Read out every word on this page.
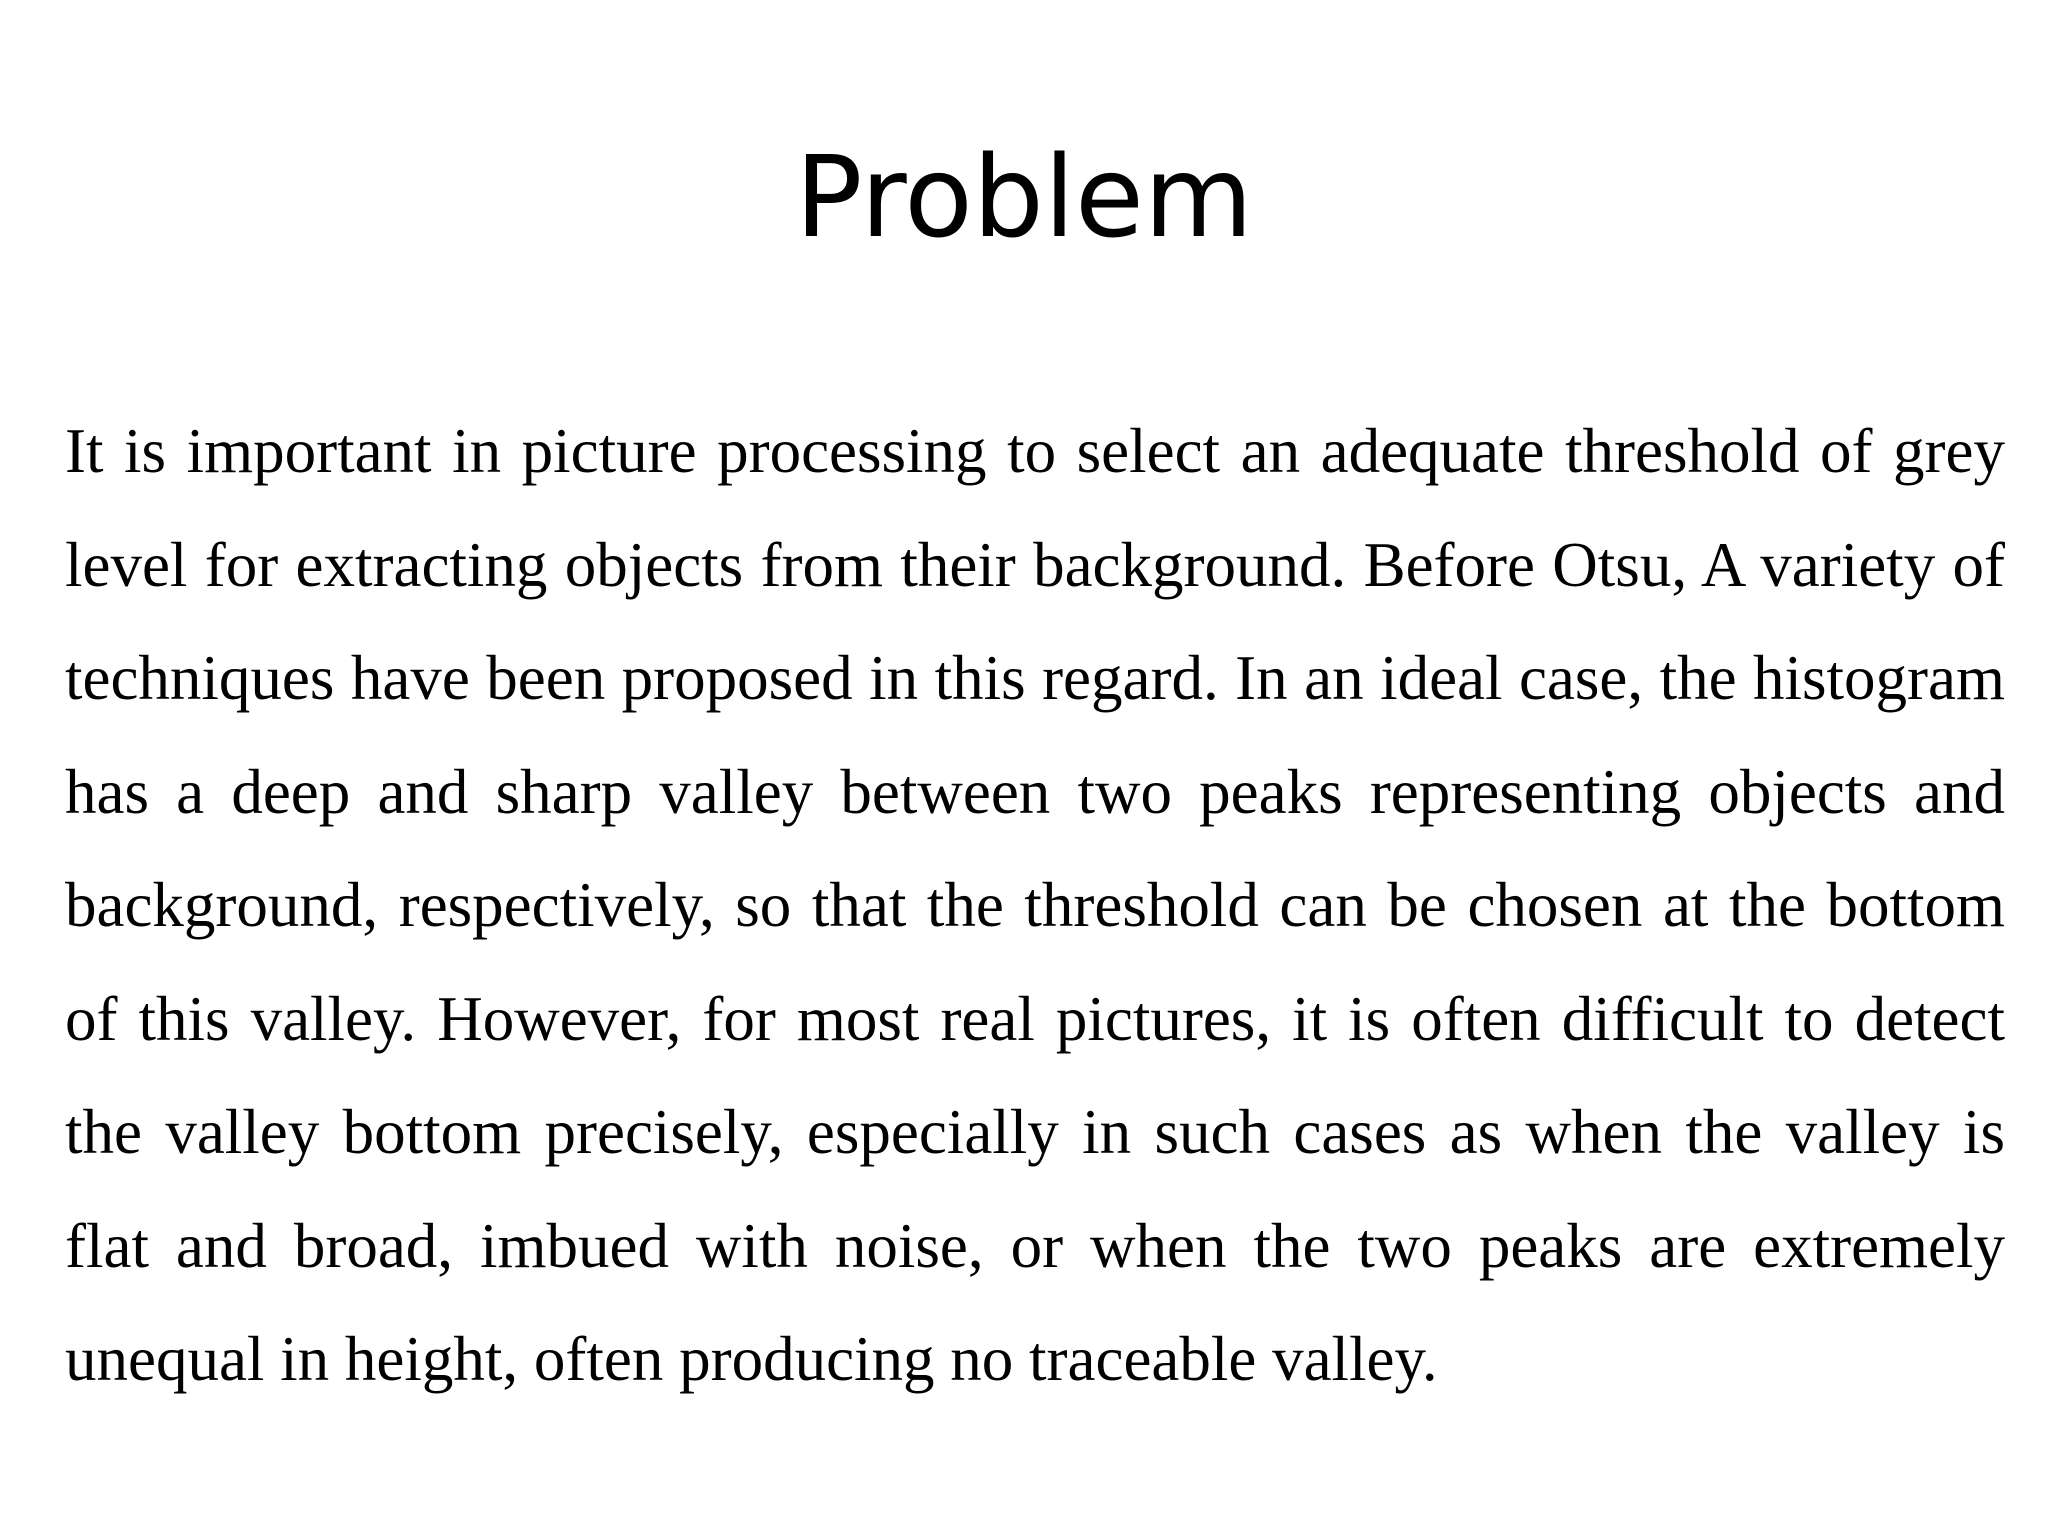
Problem
It is important in picture processing to select an adequate threshold of grey
level for extracting objects from their background. Before Otsu, A variety of
techniques have been proposed in this regard. In an ideal case, the histogram
has a deep and sharp valley between two peaks representing objects and
background, respectively, so that the threshold can be chosen at the bottom
of this valley. However, for most real pictures, it is often difficult to detect
the valley bottom precisely, especially in such cases as when the valley is
flat and broad, imbued with noise, or when the two peaks are extremely
unequal in height, often producing no traceable valley.
